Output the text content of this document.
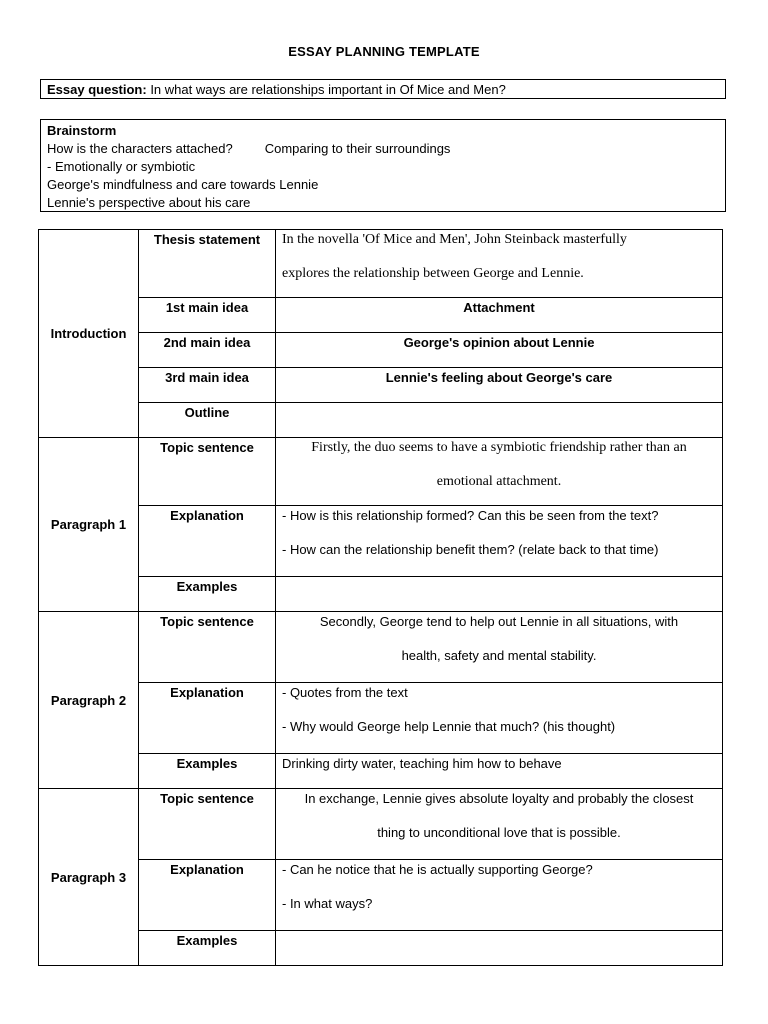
ESSAY PLANNING TEMPLATE
Essay question: In what ways are relationships important in Of Mice and Men?
Brainstorm
How is the characters attached? Comparing to their surroundings
- Emotionally or symbiotic
George's mindfulness and care towards Lennie
Lennie's perspective about his care
Introduction	Thesis statement	In the novella 'Of Mice and Men', John Steinback masterfully
explores the relationship between George and Lennie.

	1st main idea	Attachment

	2nd main idea	George's opinion about Lennie

	3rd main idea	Lennie's feeling about George's care

	Outline	
Paragraph 1	Topic sentence	Firstly, the duo seems to have a symbiotic friendship rather than an
emotional attachment.

	Explanation	- How is this relationship formed? Can this be seen from the text?
- How can the relationship benefit them? (relate back to that time)

	Examples	
Paragraph 2	Topic sentence	Secondly, George tend to help out Lennie in all situations, with
health, safety and mental stability.

	Explanation	- Quotes from the text
- Why would George help Lennie that much? (his thought)

	Examples	Drinking dirty water, teaching him how to behave

Paragraph 3	Topic sentence	In exchange, Lennie gives absolute loyalty and probably the closest
thing to unconditional love that is possible.

	Explanation	- Can he notice that he is actually supporting George?
- In what ways?

	Examples	
